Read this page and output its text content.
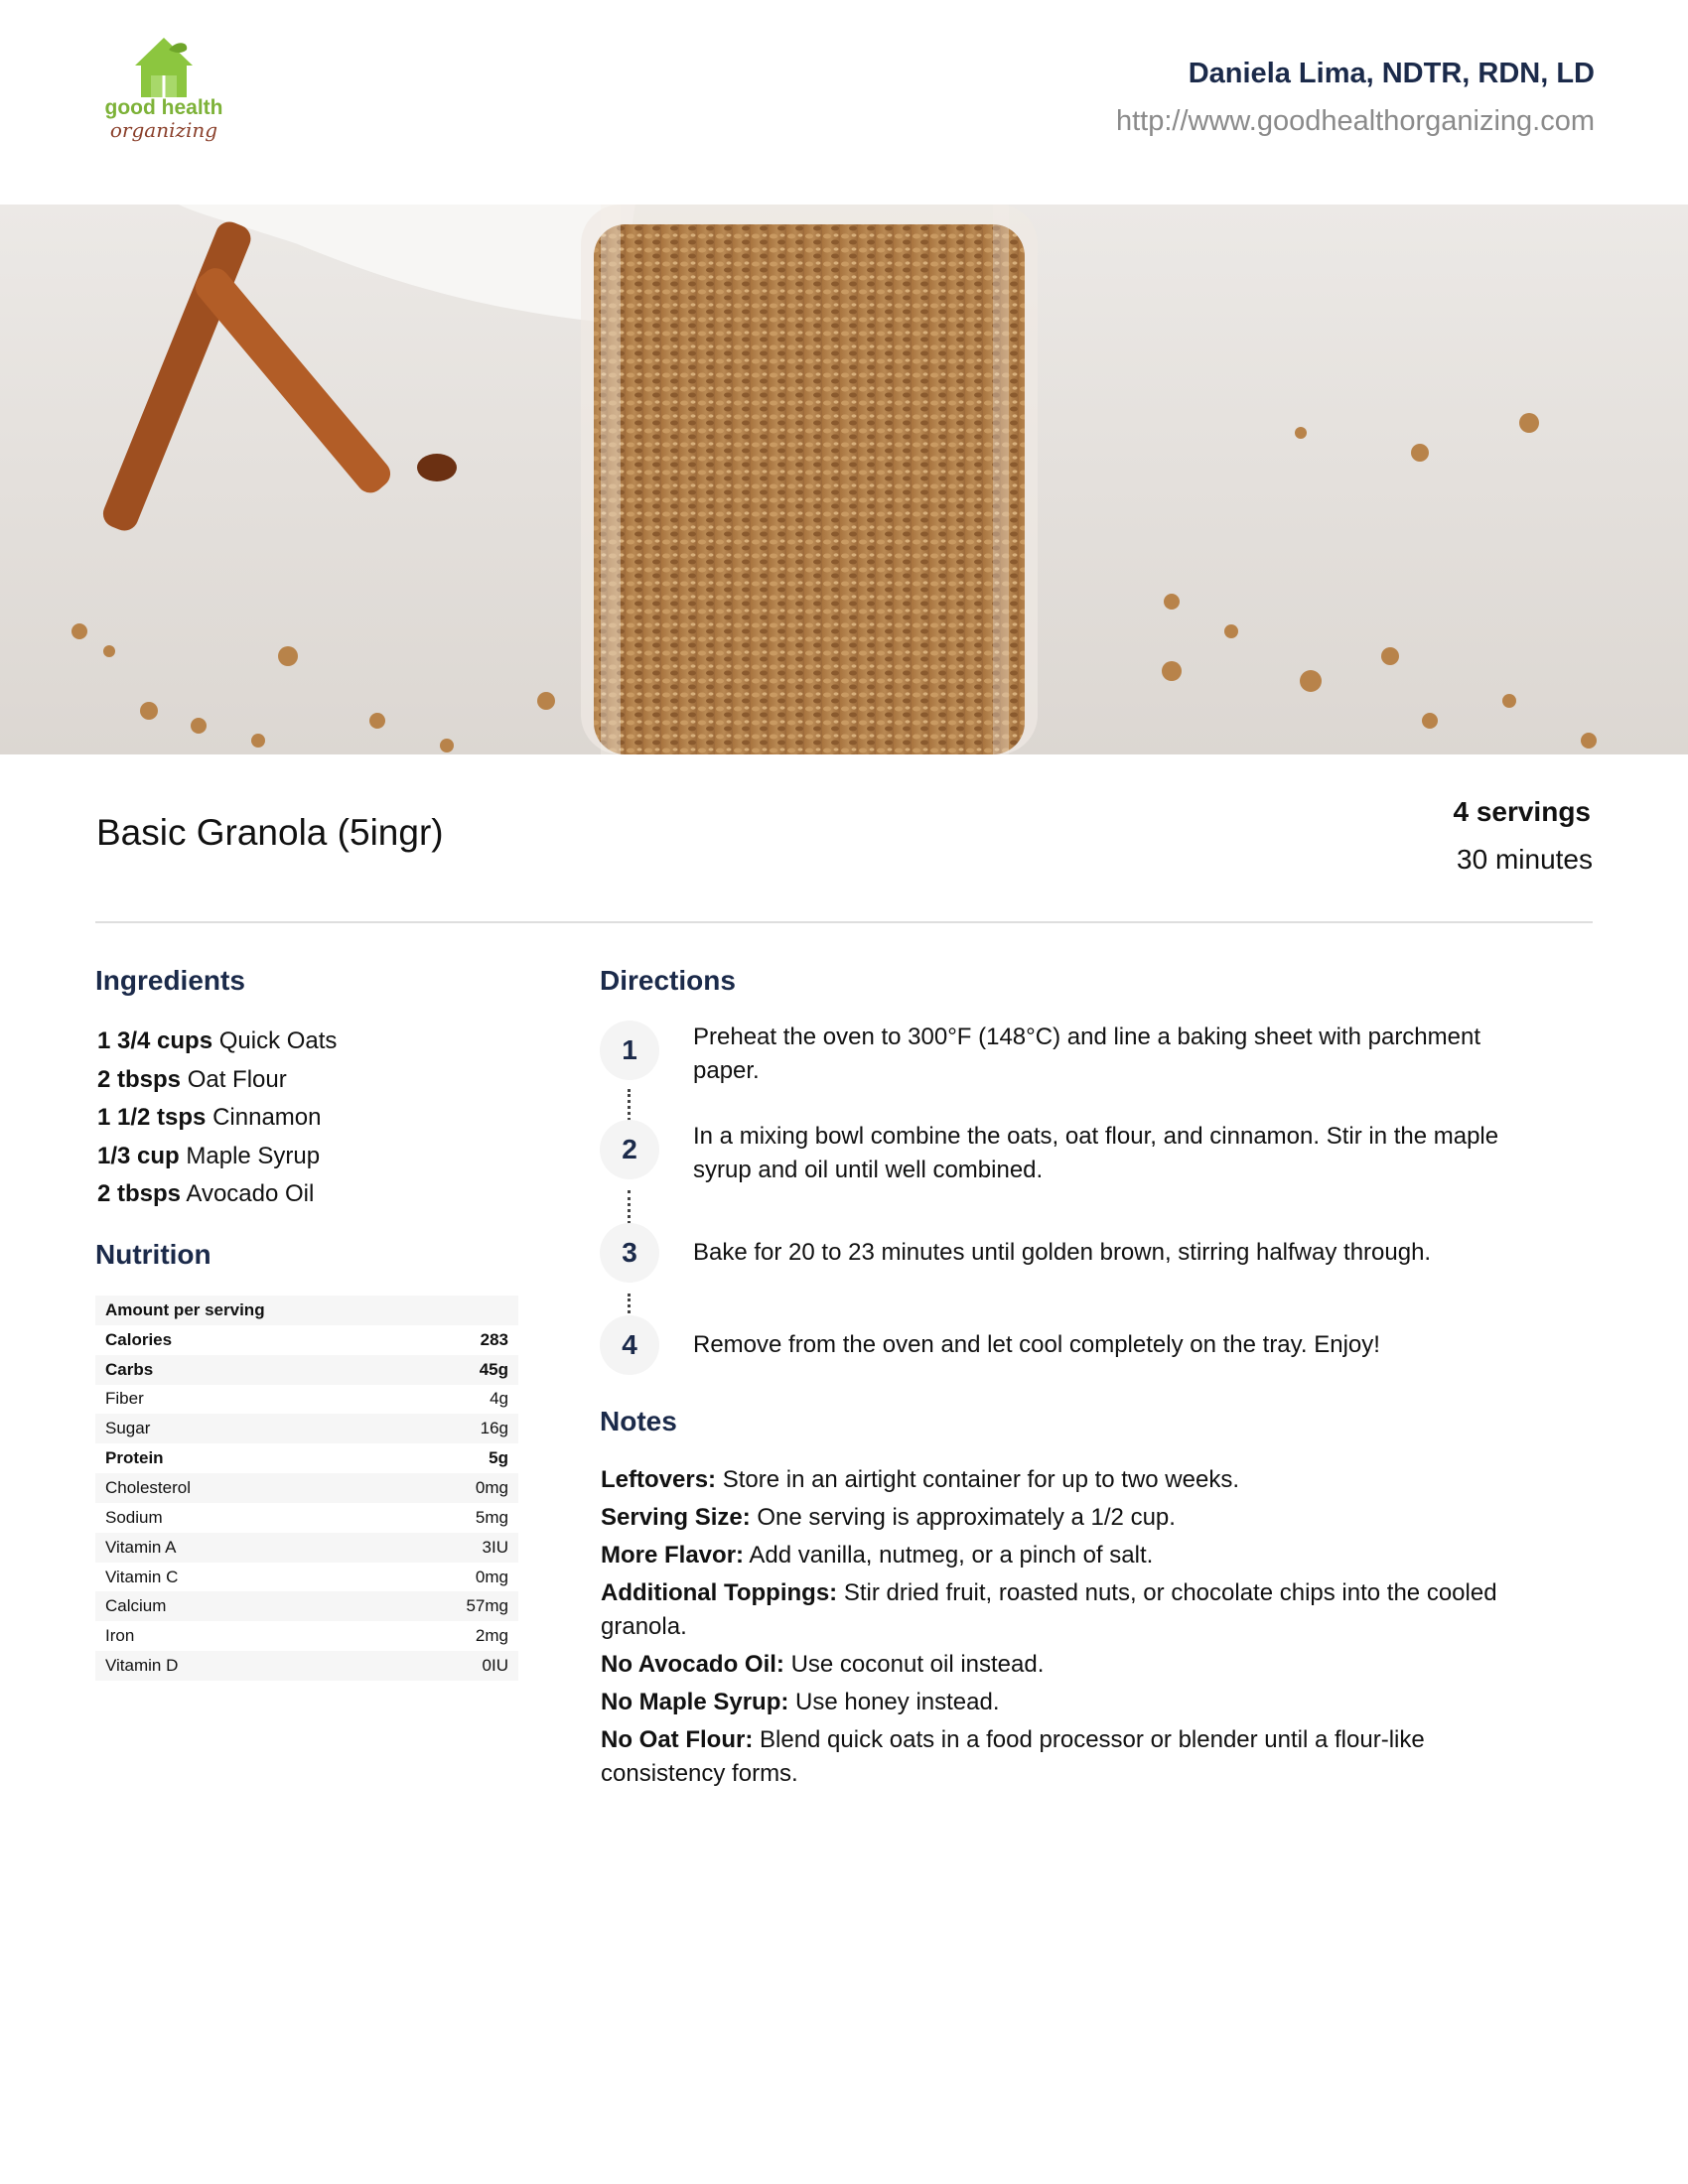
good health
organizing
Daniela Lima, NDTR, RDN, LD
http://www.goodhealthorganizing.com
Basic Granola (5ingr)
4 servings
30 minutes
Ingredients
1 3/4 cups Quick Oats
2 tbsps Oat Flour
1 1/2 tsps Cinnamon
1/3 cup Maple Syrup
2 tbsps Avocado Oil
Nutrition
Amount per serving	
Calories	283
Carbs	45g
Fiber	4g
Sugar	16g
Protein	5g
Cholesterol	0mg
Sodium	5mg
Vitamin A	3IU
Vitamin C	0mg
Calcium	57mg
Iron	2mg
Vitamin D	0IU
Directions
1	Preheat the oven to 300°F (148°C) and line a baking sheet with parchment paper.
2	In a mixing bowl combine the oats, oat flour, and cinnamon. Stir in the maple syrup and oil until well combined.
3	Bake for 20 to 23 minutes until golden brown, stirring halfway through.
4	Remove from the oven and let cool completely on the tray. Enjoy!
Notes
Leftovers: Store in an airtight container for up to two weeks.
Serving Size: One serving is approximately a 1/2 cup.
More Flavor: Add vanilla, nutmeg, or a pinch of salt.
Additional Toppings: Stir dried fruit, roasted nuts, or chocolate chips into the cooled granola.
No Avocado Oil: Use coconut oil instead.
No Maple Syrup: Use honey instead.
No Oat Flour: Blend quick oats in a food processor or blender until a flour-like consistency forms.
